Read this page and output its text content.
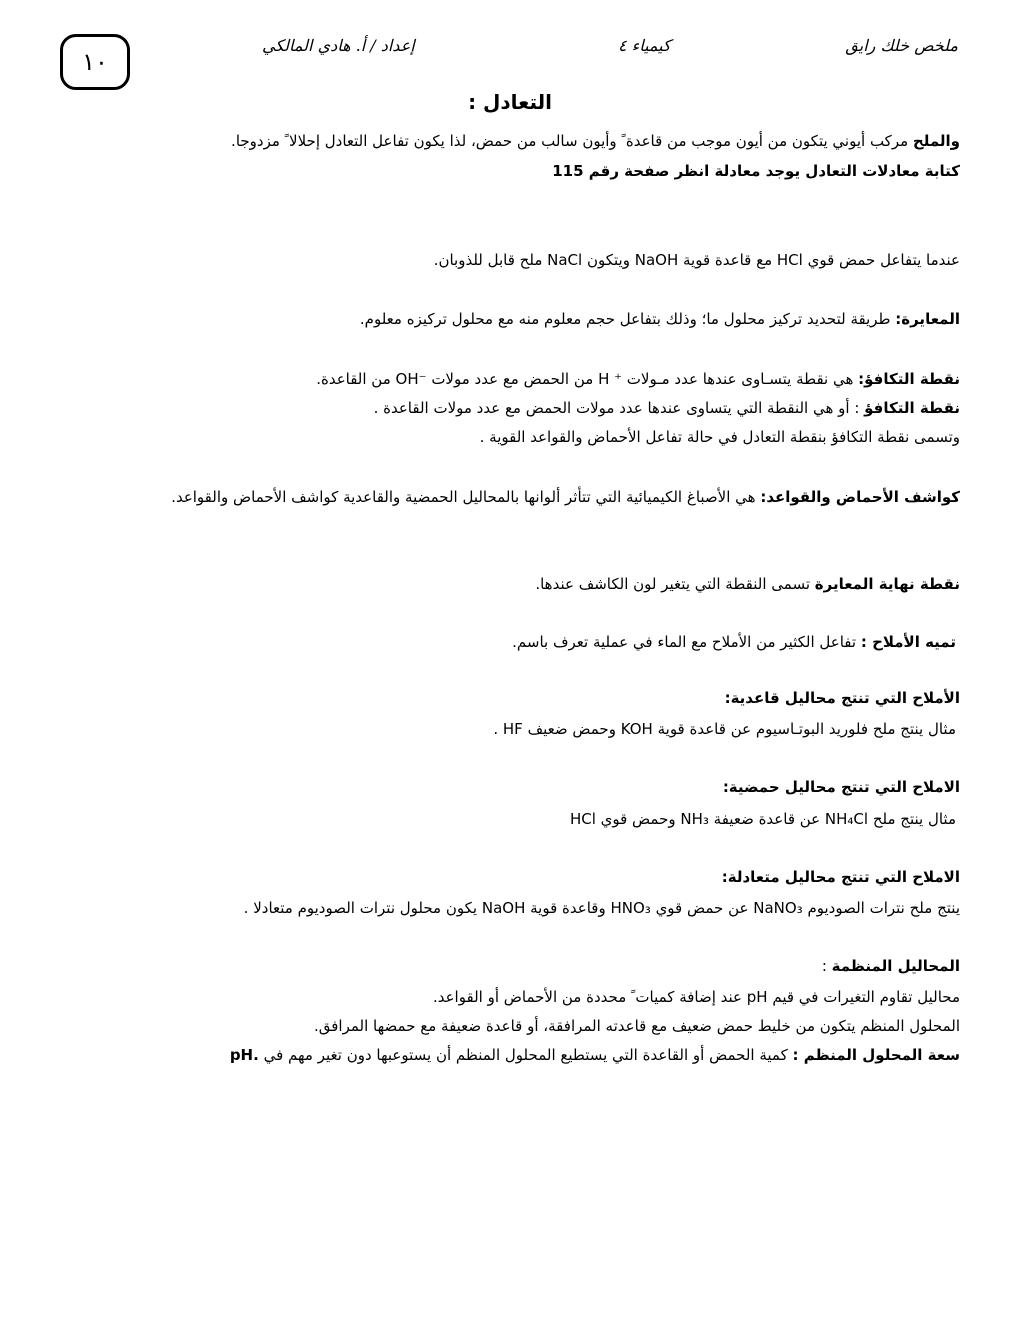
ملخص خلك رايق
كيمياء ٤
إعداد / أ. هادي المالكي
١٠
التعادل :
والملح مركب أيوني يتكون من أيون موجب من قاعدة ً وأيون سالب من حمض، لذا يكون تفاعل التعادل إحلالا ً مزدوجا.
كتابة معادلات التعادل يوجد معادلة انظر صفحة رقم 115
عندما يتفاعل حمض قوي HCl مع قاعدة قوية NaOH ويتكون NaCl ملح قابل للذوبان.
المعايرة: طريقة لتحديد تركيز محلول ما؛ وذلك بتفاعل حجم معلوم منه مع محلول تركيزه معلوم.
نقطة التكافؤ: هي نقطة يتسـاوى عندها عدد مـولات H ⁺ من الحمض مع عدد مولات OH⁻ من القاعدة.
نقطة التكافؤ : أو هي النقطة التي يتساوى عندها عدد مولات الحمض مع عدد مولات القاعدة .
وتسمى نقطة التكافؤ بنقطة التعادل في حالة تفاعل الأحماض والقواعد القوية .
كواشف الأحماض والقواعد: هي الأصباغ الكيميائية التي تتأثر ألوانها بالمحاليل الحمضية والقاعدية كواشف الأحماض والقواعد.
نقطة نهاية المعايرة تسمى النقطة التي يتغير لون الكاشف عندها.
تميه الأملاح : تفاعل الكثير من الأملاح مع الماء في عملية تعرف باسم.
الأملاح التي تنتج محاليل قاعدية:
مثال ينتج ملح فلوريد البوتـاسيوم عن قاعدة قوية KOH وحمض ضعيف HF .
الاملاح التي تنتج محاليل حمضية:
مثال ينتج ملح NH₄Cl عن قاعدة ضعيفة NH₃ وحمض قوي HCl
الاملاح التي تنتج محاليل متعادلة:
ينتج ملح نترات الصوديوم NaNO₃ عن حمض قوي HNO₃ وقاعدة قوية NaOH يكون محلول نترات الصوديوم متعادلا .
المحاليل المنظمة :
محاليل تقاوم التغيرات في قيم pH عند إضافة كميات ً محددة من الأحماض أو القواعد.
المحلول المنظم يتكون من خليط حمض ضعيف مع قاعدته المرافقة، أو قاعدة ضعيفة مع حمضها المرافق.
سعة المحلول المنظم : كمية الحمض أو القاعدة التي يستطيع المحلول المنظم أن يستوعبها دون تغير مهم في pH.
